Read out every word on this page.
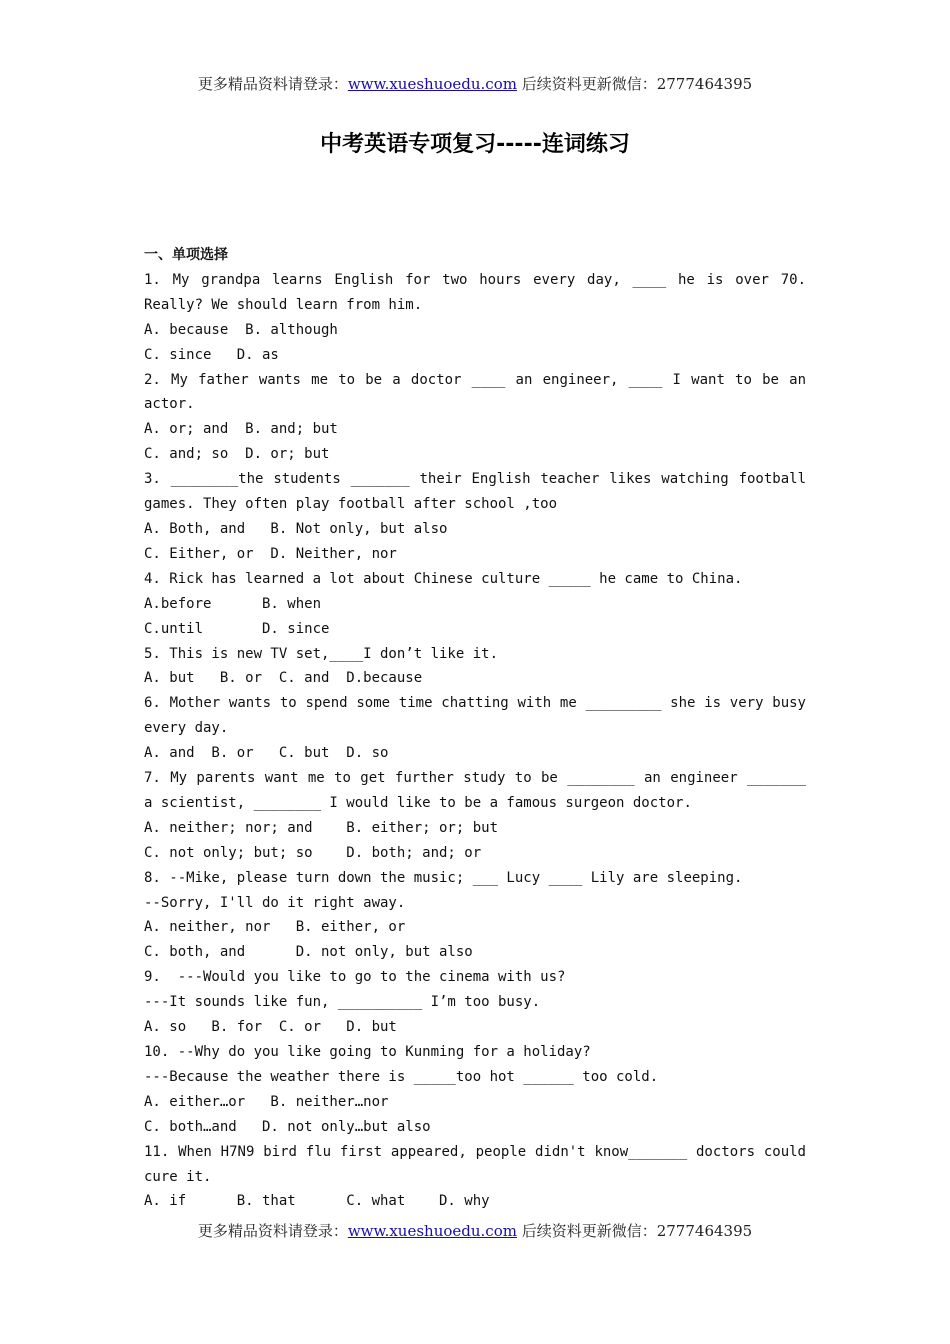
更多精品资料请登录：www.xueshuoedu.com 后续资料更新微信：2777464395
中考英语专项复习-----连词练习
一、单项选择
1. My grandpa learns English for two hours every day, ____ he is over 70. Really? We should learn from him.
A. because  B. although
C. since   D. as
2. My father wants me to be a doctor ____ an engineer, ____ I want to be an actor.
A. or; and  B. and; but
C. and; so  D. or; but
3. ________the students _______ their English teacher likes watching football games. They often play football after school ,too
A. Both, and   B. Not only, but also
C. Either, or  D. Neither, nor
4. Rick has learned a lot about Chinese culture _____ he came to China.
A.before      B. when
C.until       D. since
5. This is new TV set,____I don’t like it.
A. but   B. or  C. and  D.because
6. Mother wants to spend some time chatting with me _________ she is very busy every day.
A. and  B. or   C. but  D. so
7. My parents want me to get further study to be ________ an engineer _______ a scientist, ________ I would like to be a famous surgeon doctor.
A. neither; nor; and    B. either; or; but
C. not only; but; so    D. both; and; or
8. --Mike, please turn down the music; ___ Lucy ____ Lily are sleeping.
--Sorry, I'll do it right away.
A. neither, nor   B. either, or
C. both, and      D. not only, but also
9.  ---Would you like to go to the cinema with us?
---It sounds like fun, __________ I’m too busy.
A. so   B. for  C. or   D. but
10. --Why do you like going to Kunming for a holiday?
---Because the weather there is _____too hot ______ too cold.
A. either…or   B. neither…nor
C. both…and   D. not only…but also
11. When H7N9 bird flu first appeared, people didn't know_______ doctors could cure it.
A. if      B. that      C. what    D. why
更多精品资料请登录：www.xueshuoedu.com 后续资料更新微信：2777464395
